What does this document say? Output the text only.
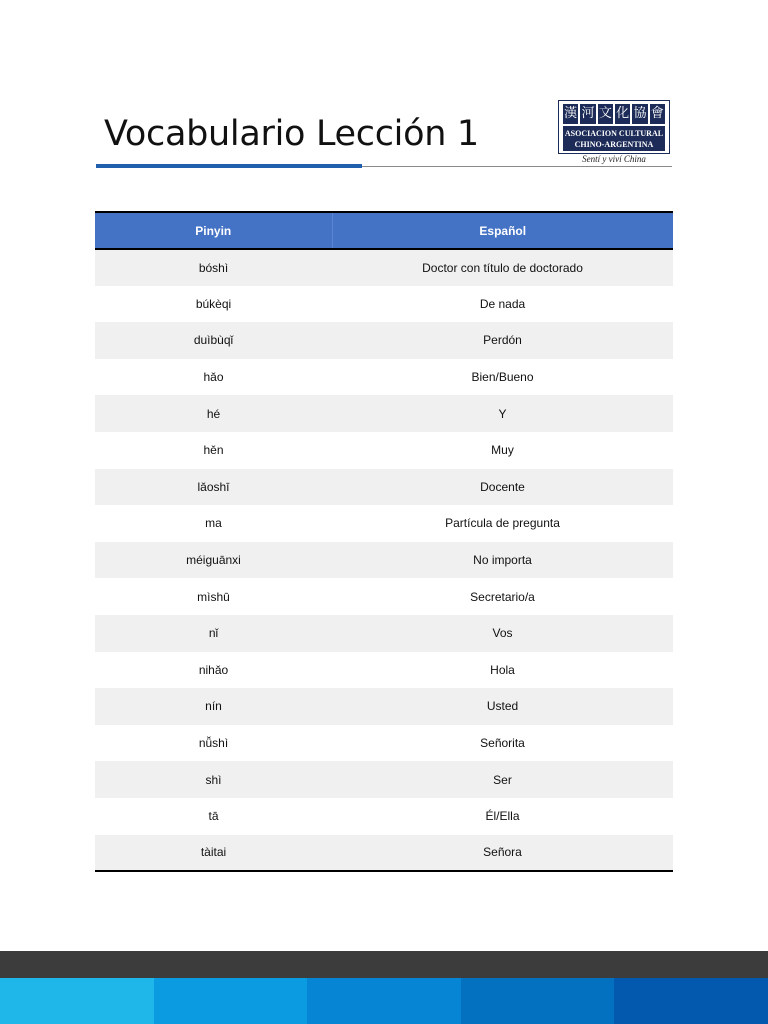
Vocabulario Lección 1
漢 河 文 化 協 會
ASOCIACION CULTURAL
CHINO-ARGENTINA
Sentí y viví China
Pinyin	Español
bóshì	Doctor con título de doctorado
búkèqi	De nada
duìbùqǐ	Perdón
hǎo	Bien/Bueno
hé	Y
hěn	Muy
lǎoshī	Docente
ma	Partícula de pregunta
méiguānxi	No importa
mìshū	Secretario/a
nǐ	Vos
nihǎo	Hola
nín	Usted
nǚshì	Señorita
shì	Ser
tā	Él/Ella
tàitai	Señora
